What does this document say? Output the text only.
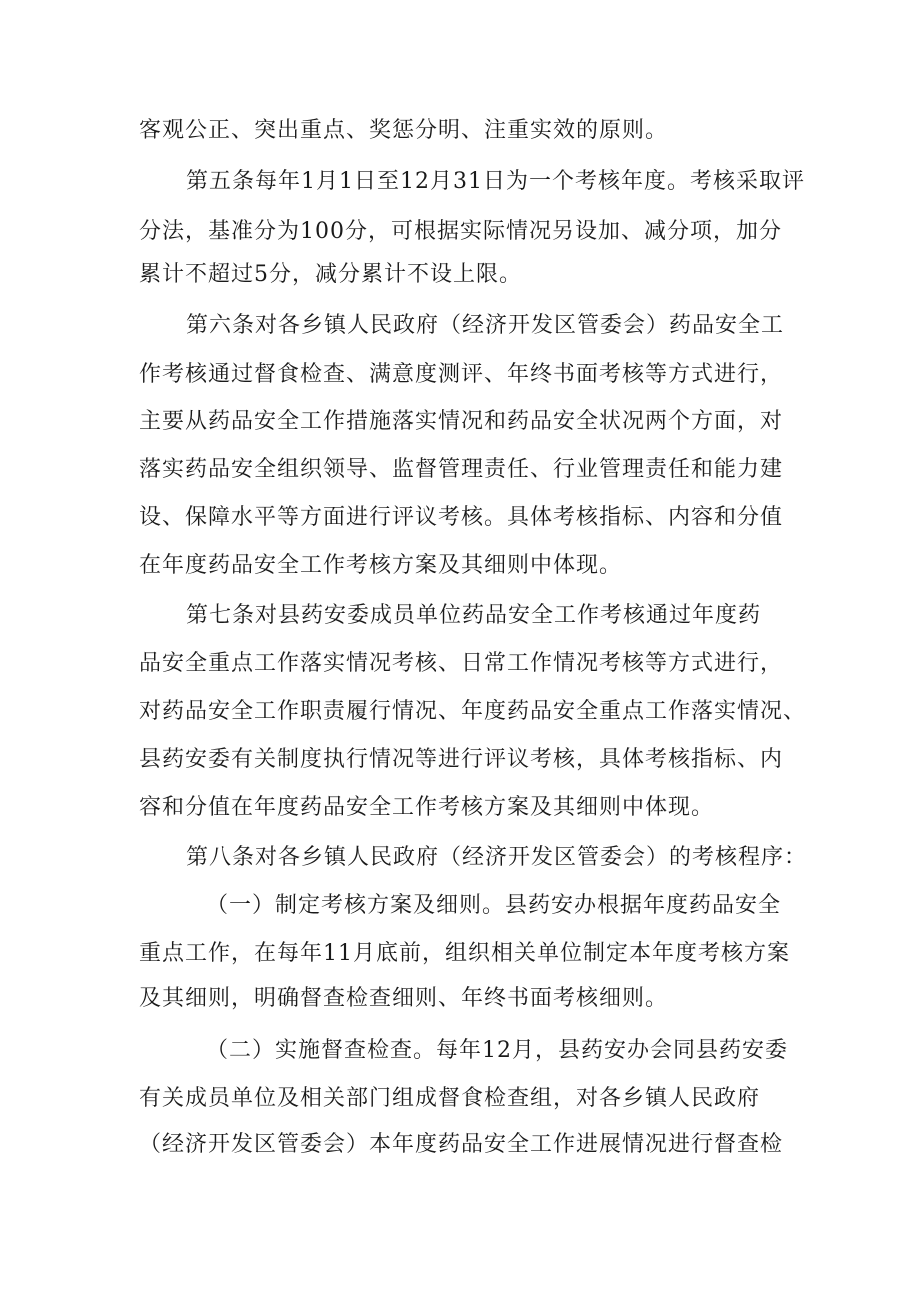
客观公正、突出重点、奖惩分明、注重实效的原则。
第五条每年1月1日至12月31日为一个考核年度。考核采取评
分法，基准分为100分，可根据实际情况另设加、减分项，加分
累计不超过5分，减分累计不设上限。
第六条对各乡镇人民政府（经济开发区管委会）药品安全工
作考核通过督食检查、满意度测评、年终书面考核等方式进行，
主要从药品安全工作措施落实情况和药品安全状况两个方面，对
落实药品安全组织领导、监督管理责任、行业管理责任和能力建
设、保障水平等方面进行评议考核。具体考核指标、内容和分值
在年度药品安全工作考核方案及其细则中体现。
第七条对县药安委成员单位药品安全工作考核通过年度药
品安全重点工作落实情况考核、日常工作情况考核等方式进行，
对药品安全工作职责履行情况、年度药品安全重点工作落实情况、
县药安委有关制度执行情况等进行评议考核，具体考核指标、内
容和分值在年度药品安全工作考核方案及其细则中体现。
第八条对各乡镇人民政府（经济开发区管委会）的考核程序：
（一）制定考核方案及细则。县药安办根据年度药品安全
重点工作，在每年11月底前，组织相关单位制定本年度考核方案
及其细则，明确督查检查细则、年终书面考核细则。
（二）实施督查检查。每年12月，县药安办会同县药安委
有关成员单位及相关部门组成督食检查组，对各乡镇人民政府
（经济开发区管委会）本年度药品安全工作进展情况进行督查检
